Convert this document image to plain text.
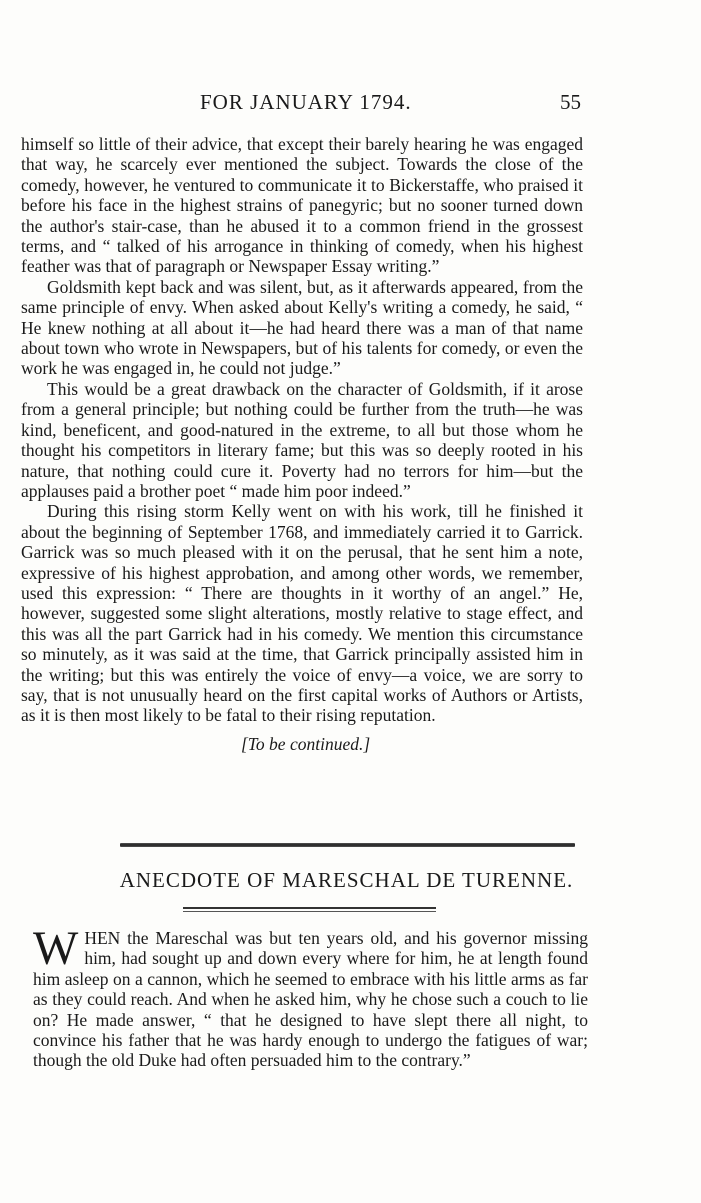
FOR JANUARY 1794.	55

himself so little of their advice, that except their barely hearing he was engaged that way, he scarcely ever mentioned the subject. Towards the close of the comedy, however, he ventured to communicate it to Bickerstaffe, who praised it before his face in the highest strains of panegyric; but no sooner turned down the author's stair-case, than he abused it to a common friend in the grossest terms, and “ talked of his arrogance in thinking of comedy, when his highest feather was that of paragraph or Newspaper Essay writing.”

Goldsmith kept back and was silent, but, as it afterwards appeared, from the same principle of envy. When asked about Kelly's writing a comedy, he said, “ He knew nothing at all about it—he had heard there was a man of that name about town who wrote in Newspapers, but of his talents for comedy, or even the work he was engaged in, he could not judge.”

This would be a great drawback on the character of Goldsmith, if it arose from a general principle; but nothing could be further from the truth—he was kind, beneficent, and good-natured in the extreme, to all but those whom he thought his competitors in literary fame; but this was so deeply rooted in his nature, that nothing could cure it. Poverty had no terrors for him—but the applauses paid a brother poet “ made him poor indeed.”

During this rising storm Kelly went on with his work, till he finished it about the beginning of September 1768, and immediately carried it to Garrick. Garrick was so much pleased with it on the perusal, that he sent him a note, expressive of his highest approbation, and among other words, we remember, used this expression: “ There are thoughts in it worthy of an angel.” He, however, suggested some slight alterations, mostly relative to stage effect, and this was all the part Garrick had in his comedy. We mention this circumstance so minutely, as it was said at the time, that Garrick principally assisted him in the writing; but this was entirely the voice of envy—a voice, we are sorry to say, that is not unusually heard on the first capital works of Authors or Artists, as it is then most likely to be fatal to their rising reputation.

[To be continued.]

ANECDOTE OF MARESCHAL DE TURENNE.

W HEN the Mareschal was but ten years old, and his governor missing him, had sought up and down every where for him, he at length found him asleep on a cannon, which he seemed to embrace with his little arms as far as they could reach. And when he asked him, why he chose such a couch to lie on? He made answer, “ that he designed to have slept there all night, to convince his father that he was hardy enough to undergo the fatigues of war; though the old Duke had often persuaded him to the contrary.”
